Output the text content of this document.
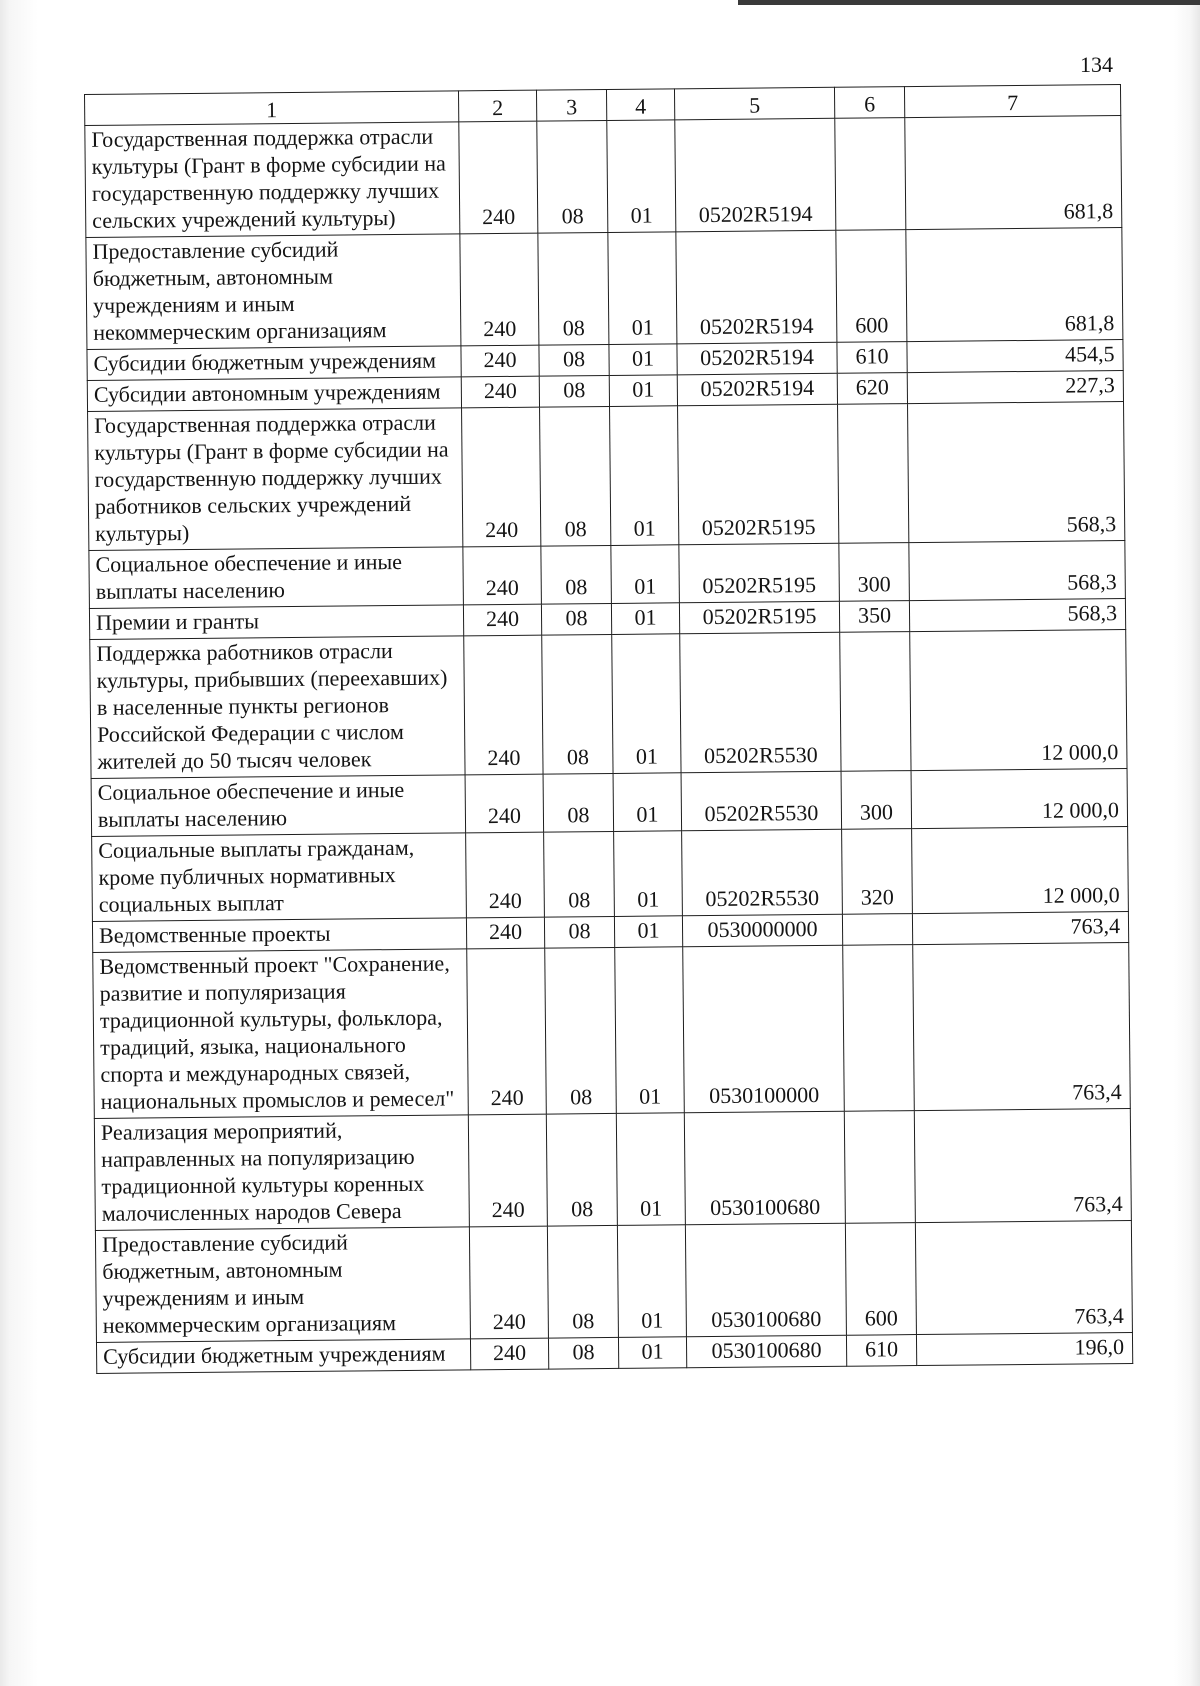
134
1	2	3	4	5	6	7
Государственная поддержка отрасли культуры (Грант в форме субсидии на государственную поддержку лучших сельских учреждений культуры)	240	08	01	05202R5194		681,8
Предоставление субсидий бюджетным, автономным учреждениям и иным некоммерческим организациям	240	08	01	05202R5194	600	681,8
Субсидии бюджетным учреждениям	240	08	01	05202R5194	610	454,5
Субсидии автономным учреждениям	240	08	01	05202R5194	620	227,3
Государственная поддержка отрасли культуры (Грант в форме субсидии на государственную поддержку лучших работников сельских учреждений культуры)	240	08	01	05202R5195		568,3
Социальное обеспечение и иные выплаты населению	240	08	01	05202R5195	300	568,3
Премии и гранты	240	08	01	05202R5195	350	568,3
Поддержка работников отрасли культуры, прибывших (переехавших) в населенные пункты регионов Российской Федерации с числом жителей до 50 тысяч человек	240	08	01	05202R5530		12 000,0
Социальное обеспечение и иные выплаты населению	240	08	01	05202R5530	300	12 000,0
Социальные выплаты гражданам, кроме публичных нормативных социальных выплат	240	08	01	05202R5530	320	12 000,0
Ведомственные проекты	240	08	01	0530000000		763,4
Ведомственный проект "Сохранение, развитие и популяризация традиционной культуры, фольклора, традиций, языка, национального спорта и международных связей, национальных промыслов и ремесел"	240	08	01	0530100000		763,4
Реализация мероприятий, направленных на популяризацию традиционной культуры коренных малочисленных народов Севера	240	08	01	0530100680		763,4
Предоставление субсидий бюджетным, автономным учреждениям и иным некоммерческим организациям	240	08	01	0530100680	600	763,4
Субсидии бюджетным учреждениям	240	08	01	0530100680	610	196,0
